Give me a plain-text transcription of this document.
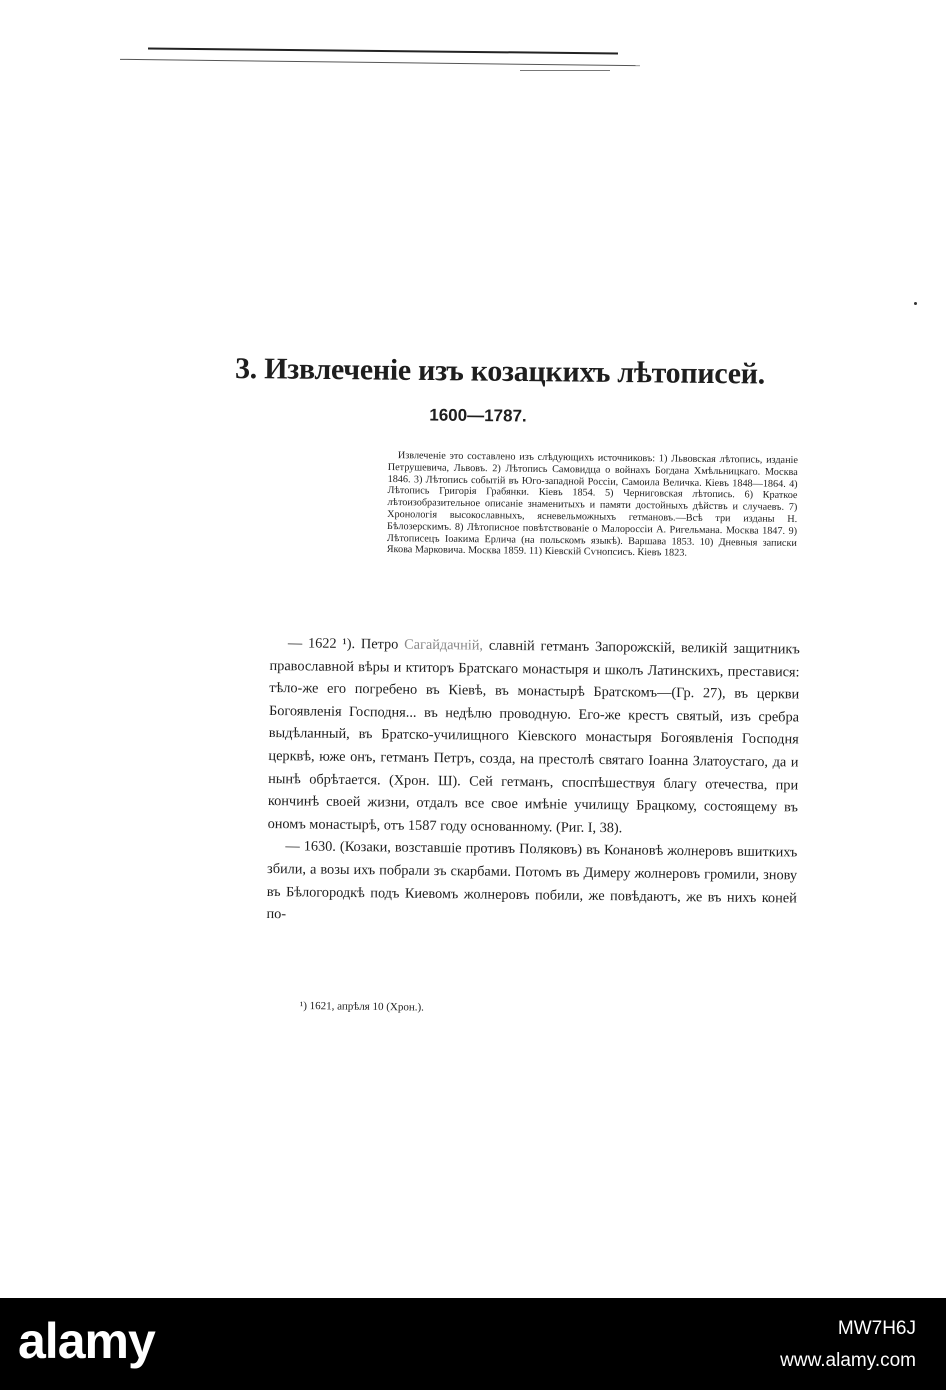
3. Извлеченіе изъ козацкихъ лѣтописей.
1600—1787.
Извлеченіе это составлено изъ слѣдующихъ источниковъ: 1) Львовская лѣтопись, изданіе Петрушевича, Львовъ. 2) Лѣтопись Самовидца о войнахъ Богдана Хмѣльницкаго. Москва 1846. 3) Лѣтопись событій въ Юго-западной Россіи, Самоила Величка. Кіевъ 1848—1864. 4) Лѣтопись Григорія Грабянки. Кіевъ 1854. 5) Черниговская лѣтопись. 6) Краткое лѣтоизобразительное описаніе знаменитыхъ и памяти достойныхъ дѣйствъ и случаевъ. 7) Хронологія высокославныхъ, ясневельможныхъ гетмановъ.—Всѣ три изданы Н. Бѣлозерскимъ. 8) Лѣтописное повѣтствованіе о Малороссіи А. Ригельмана. Москва 1847. 9) Лѣтописецъ Іоакима Ерлича (на польскомъ языкѣ). Варшава 1853. 10) Дневныя записки Якова Марковича. Москва 1859. 11) Кіевскій Сѵнопсисъ. Кіевъ 1823.

— 1622 ¹). Петро Сагайдачній, славній гетманъ Запорожскій, великій защитникъ православной вѣры и ктиторъ Братскаго монастыря и школъ Латинскихъ, преставися: тѣло-же его погребено въ Кіевѣ, въ монастырѣ Братскомъ—(Гр. 27), въ церкви Богоявленія Господня... въ недѣлю проводную. Его-же крестъ святый, изъ сребра выдѣланный, въ Братско-училищного Кіевского монастыря Богоявленія Господня церквѣ, юже онъ, гетманъ Петръ, созда, на престолѣ святаго Іоанна Златоустаго, да и нынѣ обрѣтается. (Хрон. Ш). Сей гетманъ, споспѣшествуя благу отечества, при кончинѣ своей жизни, отдалъ все свое имѣніе училищу Брацкому, состоящему въ ономъ монастырѣ, отъ 1587 году основанному. (Риг. I, 38).

— 1630. (Козаки, возставшіе противъ Поляковъ) въ Конановѣ жолнеровъ вшиткихъ збили, а возы ихъ побрали зъ скарбами. Потомъ въ Димеру жолнеровъ громили, знову въ Бѣлогородкѣ подъ Киевомъ жолнеровъ побили, же повѣдаютъ, же въ нихъ коней по-

¹) 1621, апрѣля 10 (Хрон.).
alamy	MW7H6J
www.alamy.com
